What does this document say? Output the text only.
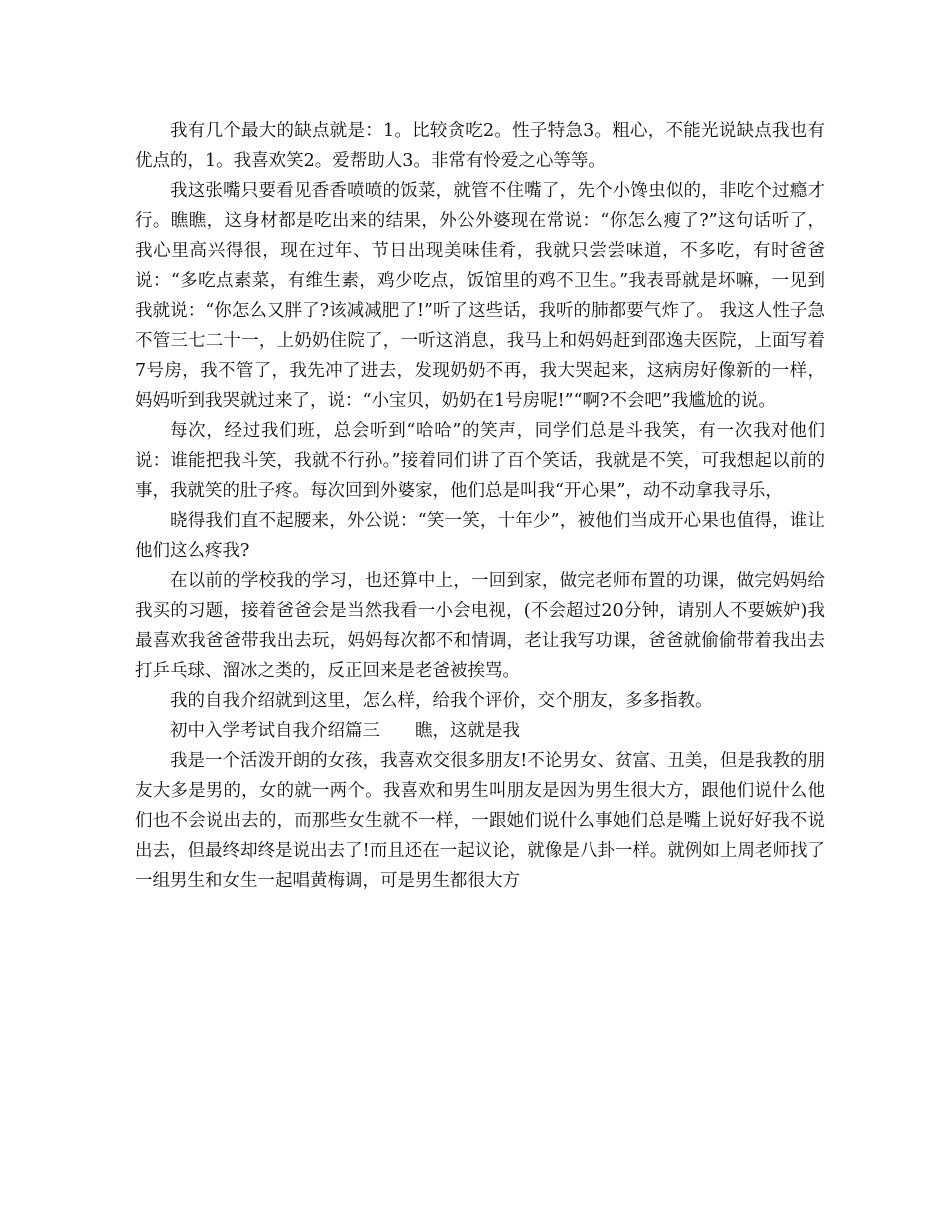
我有几个最大的缺点就是：1。比较贪吃2。性子特急3。粗心，不能光说缺点我也有优点的，1。我喜欢笑2。爱帮助人3。非常有怜爱之心等等。

我这张嘴只要看见香香喷喷的饭菜，就管不住嘴了，先个小馋虫似的，非吃个过瘾才行。瞧瞧，这身材都是吃出来的结果，外公外婆现在常说：“你怎么瘦了?”这句话听了，我心里高兴得很，现在过年、节日出现美味佳肴，我就只尝尝味道，不多吃，有时爸爸说：“多吃点素菜，有维生素，鸡少吃点，饭馆里的鸡不卫生。”我表哥就是坏嘛，一见到我就说：“你怎么又胖了?该减减肥了!”听了这些话，我听的肺都要气炸了。 我这人性子急不管三七二十一，上奶奶住院了，一听这消息，我马上和妈妈赶到邵逸夫医院，上面写着7号房，我不管了，我先冲了进去，发现奶奶不再，我大哭起来，这病房好像新的一样，妈妈听到我哭就过来了，说：“小宝贝，奶奶在1号房呢!”“啊?不会吧”我尴尬的说。

每次，经过我们班，总会听到“哈哈”的笑声，同学们总是斗我笑，有一次我对他们说：谁能把我斗笑，我就不行孙。”接着同们讲了百个笑话，我就是不笑，可我想起以前的事，我就笑的肚子疼。每次回到外婆家，他们总是叫我“开心果”，动不动拿我寻乐，

晓得我们直不起腰来，外公说：“笑一笑，十年少”，被他们当成开心果也值得，谁让他们这么疼我?

在以前的学校我的学习，也还算中上，一回到家，做完老师布置的功课，做完妈妈给我买的习题，接着爸爸会是当然我看一小会电视，(不会超过20分钟，请别人不要嫉妒)我最喜欢我爸爸带我出去玩，妈妈每次都不和情调，老让我写功课，爸爸就偷偷带着我出去打乒乓球、溜冰之类的，反正回来是老爸被挨骂。

我的自我介绍就到这里，怎么样，给我个评价，交个朋友，多多指教。

初中入学考试自我介绍篇三　　瞧，这就是我

我是一个活泼开朗的女孩，我喜欢交很多朋友!不论男女、贫富、丑美，但是我教的朋友大多是男的，女的就一两个。我喜欢和男生叫朋友是因为男生很大方，跟他们说什么他们也不会说出去的，而那些女生就不一样，一跟她们说什么事她们总是嘴上说好好我不说出去，但最终却终是说出去了!而且还在一起议论，就像是八卦一样。就例如上周老师找了一组男生和女生一起唱黄梅调，可是男生都很大方
